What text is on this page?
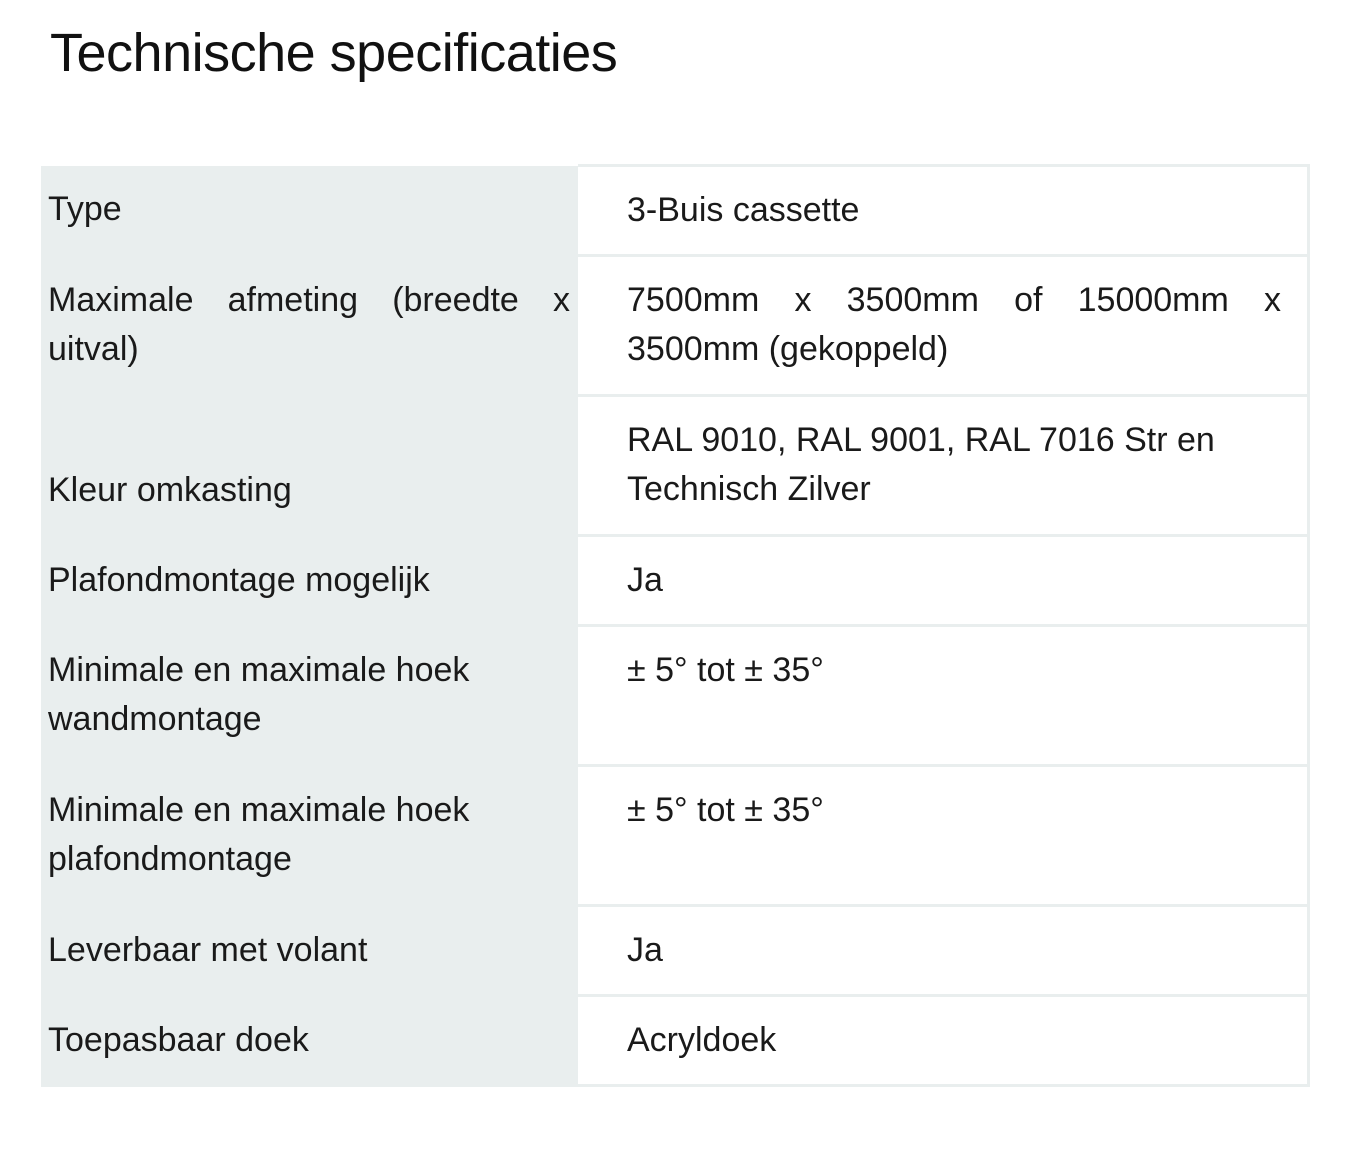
Technische specificaties
Type	3-Buis cassette
Maximale afmeting (breedte x uitval)	7500mm x 3500mm of 15000mm x 3500mm (gekoppeld)
Kleur omkasting	RAL 9010, RAL 9001, RAL 7016 Str en Technisch Zilver
Plafondmontage mogelijk	Ja
Minimale en maximale hoek wandmontage	± 5° tot ± 35°
Minimale en maximale hoek plafondmontage	± 5° tot ± 35°
Leverbaar met volant	Ja
Toepasbaar doek	Acryldoek
